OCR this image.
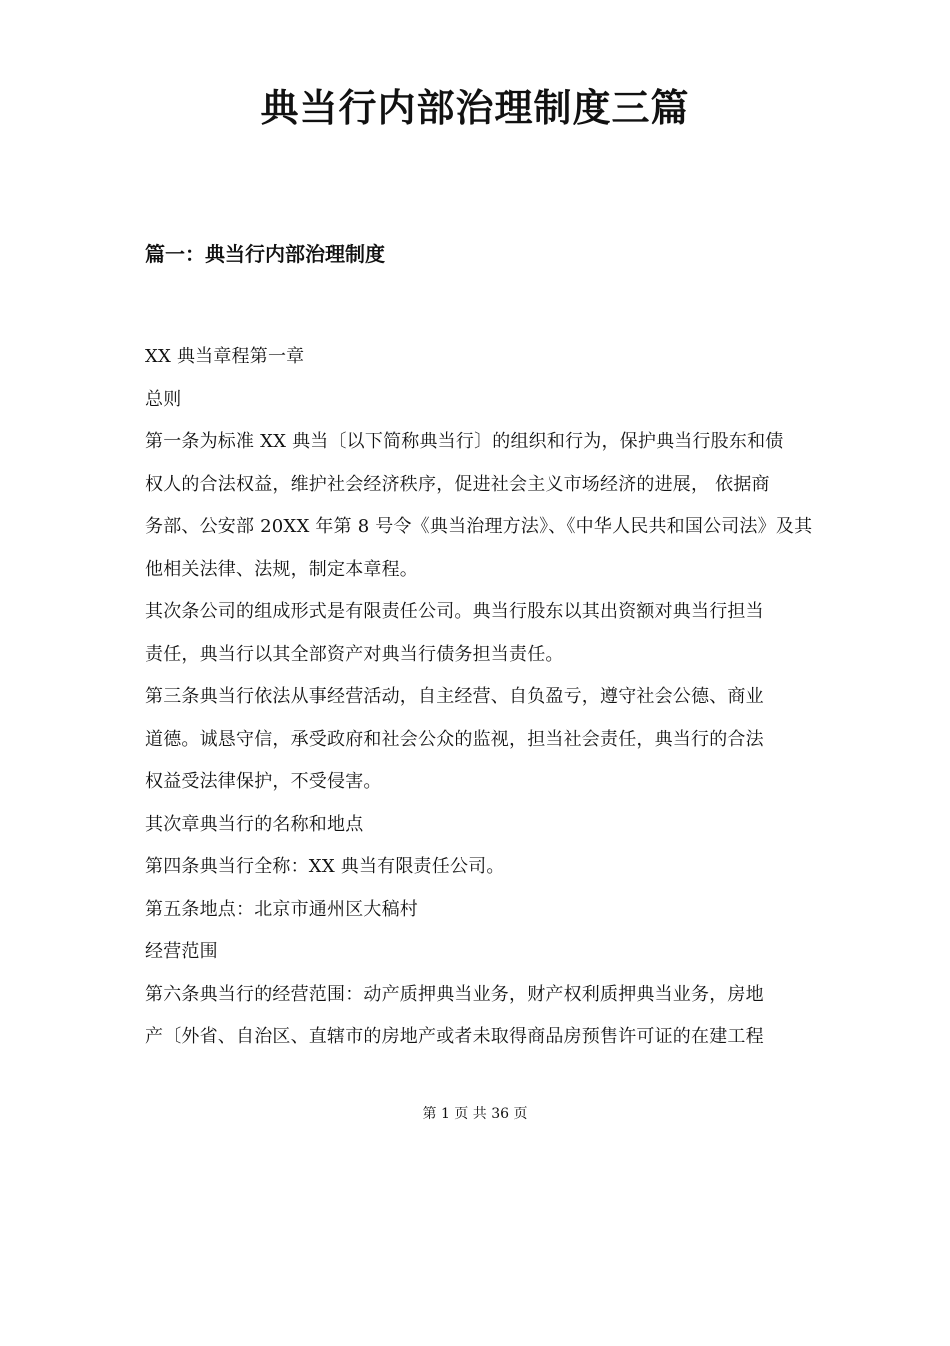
典当行内部治理制度三篇
篇一：典当行内部治理制度
XX 典当章程第一章
总则
第一条为标准 XX 典当〔以下简称典当行〕的组织和行为，保护典当行股东和债
权人的合法权益，维护社会经济秩序，促进社会主义市场经济的进展， 依据商
务部、公安部 20XX 年第 8 号令《典当治理方法》、《中华人民共和国公司法》及其
他相关法律、法规，制定本章程。
其次条公司的组成形式是有限责任公司。典当行股东以其出资额对典当行担当
责任，典当行以其全部资产对典当行债务担当责任。
第三条典当行依法从事经营活动，自主经营、自负盈亏，遵守社会公德、商业
道德。诚恳守信，承受政府和社会公众的监视，担当社会责任，典当行的合法
权益受法律保护，不受侵害。
其次章典当行的名称和地点
第四条典当行全称：XX 典当有限责任公司。
第五条地点：北京市通州区大稿村
经营范围
第六条典当行的经营范围：动产质押典当业务，财产权利质押典当业务，房地
产〔外省、自治区、直辖市的房地产或者未取得商品房预售许可证的在建工程
第 1 页 共 36 页
